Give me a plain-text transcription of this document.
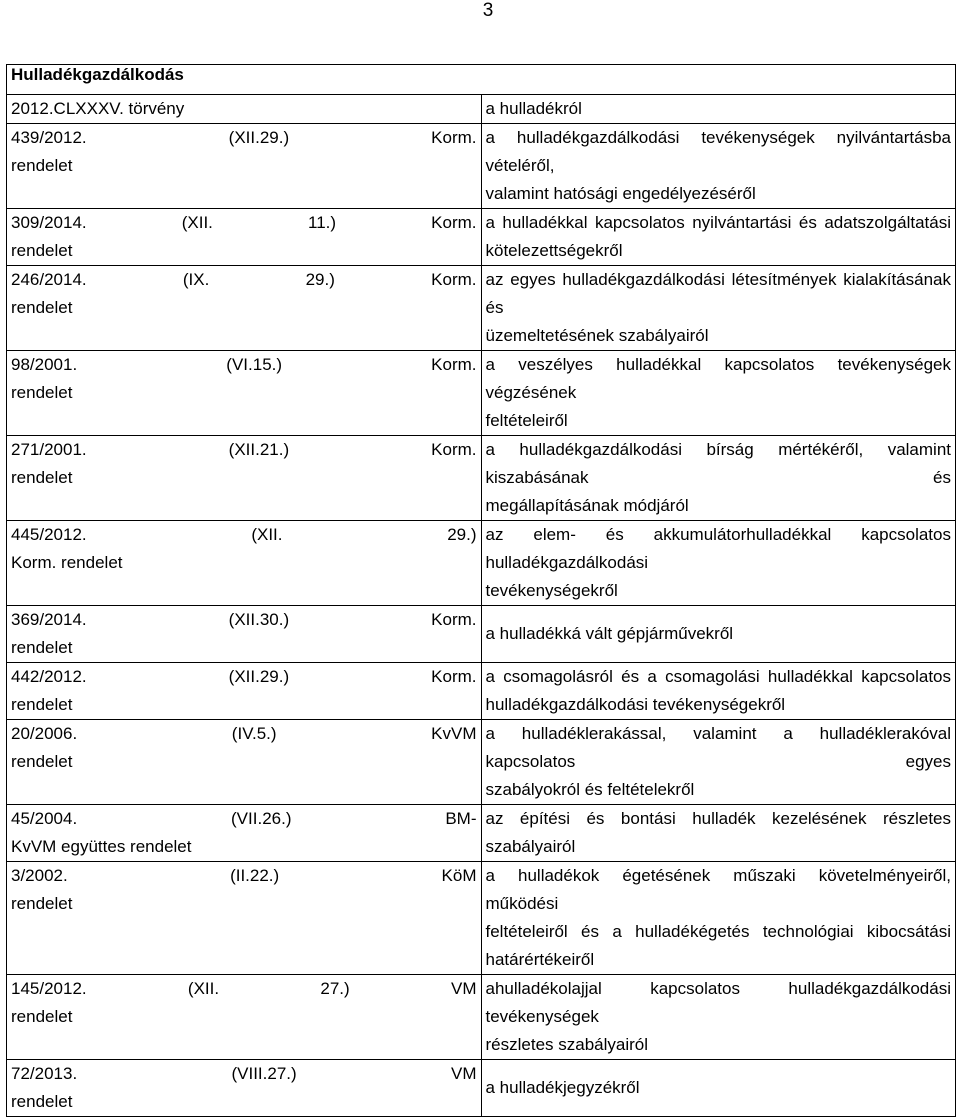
3
Hulladékgazdálkodás	

2012.CLXXXV. törvény	a hulladékról

439/2012. (XII.29.) Korm.
rendelet	a hulladékgazdálkodási tevékenységek nyilvántartásba vételéről,
valamint hatósági engedélyezéséről

309/2014. (XII. 11.) Korm.
rendelet	a hulladékkal kapcsolatos nyilvántartási és adatszolgáltatási
kötelezettségekről

246/2014. (IX. 29.) Korm.
rendelet	az egyes hulladékgazdálkodási létesítmények kialakításának és
üzemeltetésének szabályairól

98/2001. (VI.15.) Korm.
rendelet	a veszélyes hulladékkal kapcsolatos tevékenységek végzésének
feltételeiről

271/2001. (XII.21.) Korm.
rendelet	a hulladékgazdálkodási bírság mértékéről, valamint kiszabásának és
megállapításának módjáról

445/2012. (XII. 29.)
Korm. rendelet	az elem- és akkumulátorhulladékkal kapcsolatos hulladékgazdálkodási
tevékenységekről

369/2014. (XII.30.) Korm.
rendelet	a hulladékká vált gépjárművekről

442/2012. (XII.29.) Korm.
rendelet	a csomagolásról és a csomagolási hulladékkal kapcsolatos
hulladékgazdálkodási tevékenységekről

20/2006. (IV.5.) KvVM
rendelet	a hulladéklerakással, valamint a hulladéklerakóval kapcsolatos egyes
szabályokról és feltételekről

45/2004. (VII.26.) BM-
KvVM együttes rendelet	az építési és bontási hulladék kezelésének részletes szabályairól

3/2002. (II.22.) KöM
rendelet	a hulladékok égetésének műszaki követelményeiről, működési
feltételeiről és a hulladékégetés technológiai kibocsátási határértékeiről

145/2012. (XII. 27.) VM
rendelet	ahulladékolajjal kapcsolatos hulladékgazdálkodási tevékenységek
részletes szabályairól

72/2013. (VIII.27.) VM
rendelet	a hulladékjegyzékről
